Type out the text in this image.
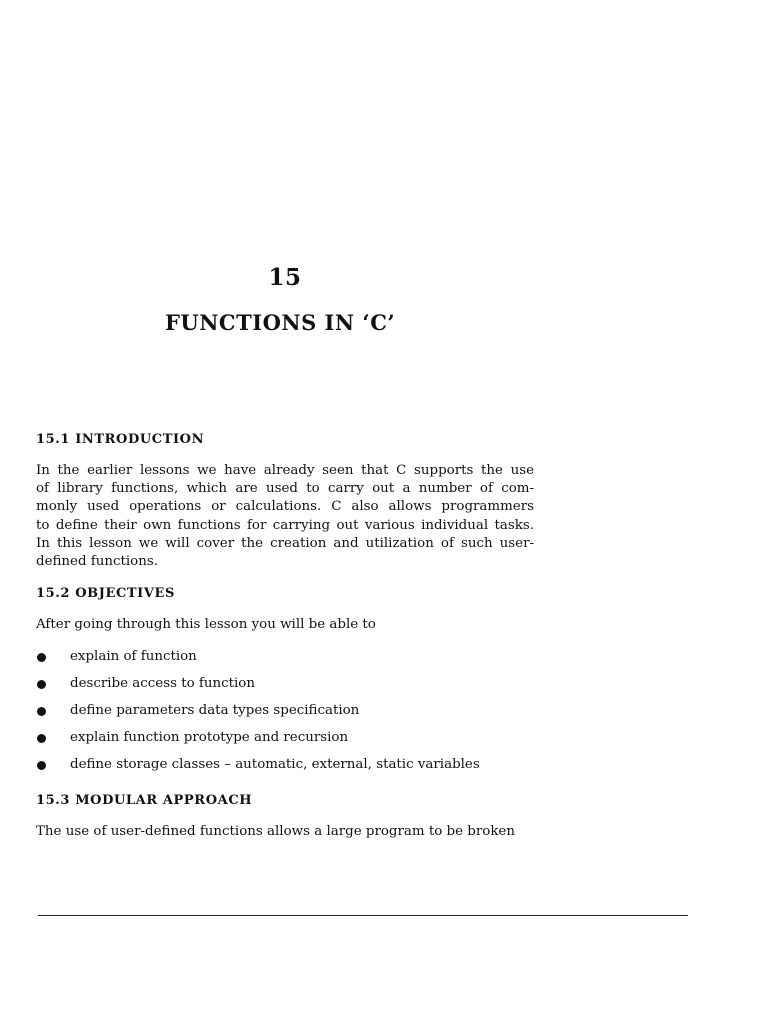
15
FUNCTIONS IN ‘C’
15.1 INTRODUCTION
In the earlier lessons we have already seen that C supports the use
of library functions, which are used to carry out a number of com-
monly used operations or calculations. C also allows programmers
to define their own functions for carrying out various individual tasks.
In this lesson we will cover the creation and utilization of such user-
defined functions.
15.2 OBJECTIVES
After going through this lesson you will be able to
explain of function
describe access to function
define parameters data types specification
explain function prototype and recursion
define storage classes – automatic, external, static variables
15.3 MODULAR APPROACH
The use of user-defined functions allows a large program to be broken
